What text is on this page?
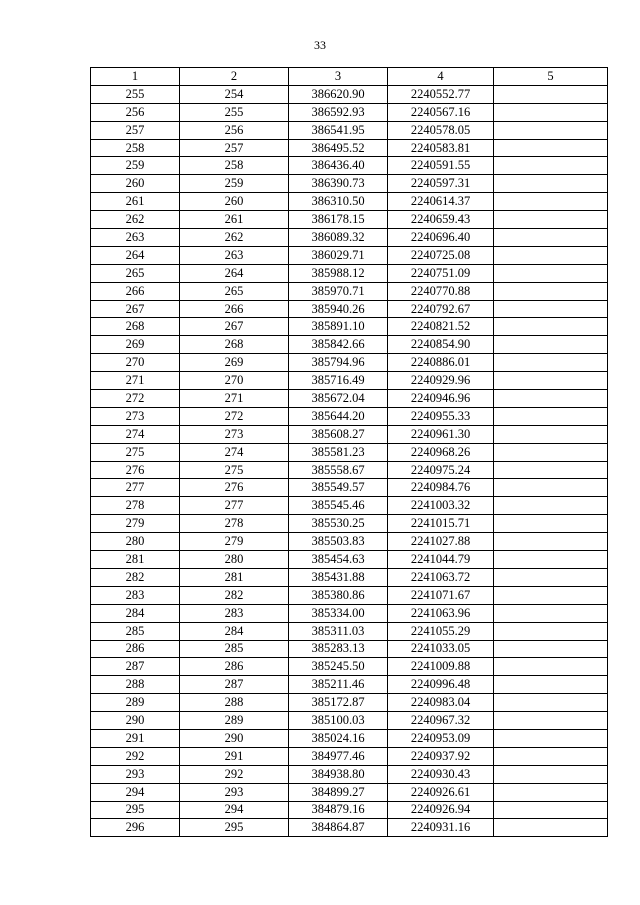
33
1	2	3	4	5
255	254	386620.90	2240552.77	
256	255	386592.93	2240567.16	
257	256	386541.95	2240578.05	
258	257	386495.52	2240583.81	
259	258	386436.40	2240591.55	
260	259	386390.73	2240597.31	
261	260	386310.50	2240614.37	
262	261	386178.15	2240659.43	
263	262	386089.32	2240696.40	
264	263	386029.71	2240725.08	
265	264	385988.12	2240751.09	
266	265	385970.71	2240770.88	
267	266	385940.26	2240792.67	
268	267	385891.10	2240821.52	
269	268	385842.66	2240854.90	
270	269	385794.96	2240886.01	
271	270	385716.49	2240929.96	
272	271	385672.04	2240946.96	
273	272	385644.20	2240955.33	
274	273	385608.27	2240961.30	
275	274	385581.23	2240968.26	
276	275	385558.67	2240975.24	
277	276	385549.57	2240984.76	
278	277	385545.46	2241003.32	
279	278	385530.25	2241015.71	
280	279	385503.83	2241027.88	
281	280	385454.63	2241044.79	
282	281	385431.88	2241063.72	
283	282	385380.86	2241071.67	
284	283	385334.00	2241063.96	
285	284	385311.03	2241055.29	
286	285	385283.13	2241033.05	
287	286	385245.50	2241009.88	
288	287	385211.46	2240996.48	
289	288	385172.87	2240983.04	
290	289	385100.03	2240967.32	
291	290	385024.16	2240953.09	
292	291	384977.46	2240937.92	
293	292	384938.80	2240930.43	
294	293	384899.27	2240926.61	
295	294	384879.16	2240926.94	
296	295	384864.87	2240931.16	
